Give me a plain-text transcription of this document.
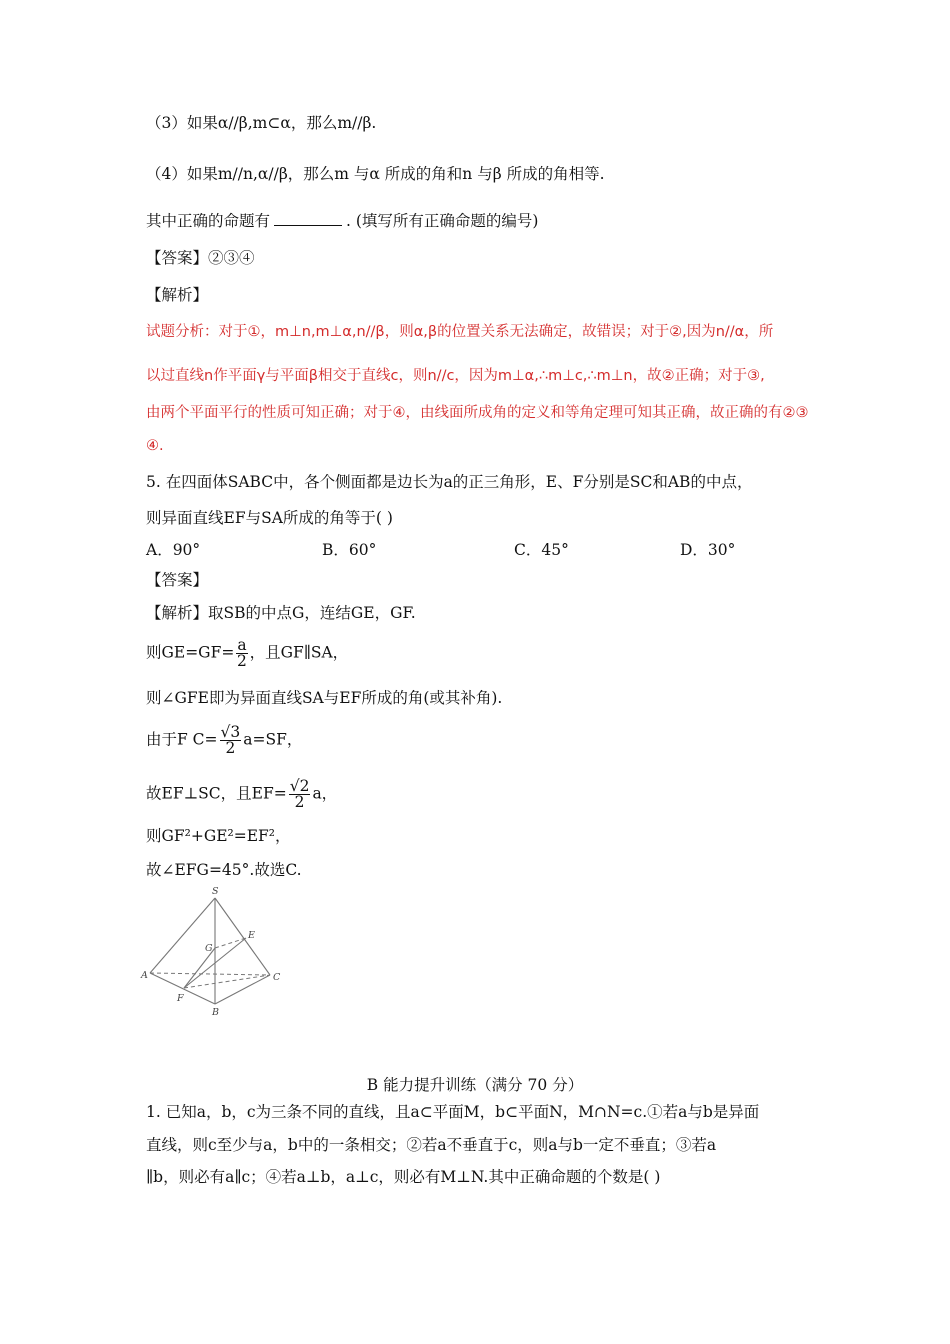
（3）如果α//β,m⊂α，那么m//β.
（4）如果m//n,α//β，那么m 与α 所成的角和n 与β 所成的角相等.
其中正确的命题有	. (填写所有正确命题的编号)
【答案】②③④
【解析】
试题分析：对于①，m⊥n,m⊥α,n//β，则α,β的位置关系无法确定，故错误；对于②,因为n//α，所
以过直线n作平面γ与平面β相交于直线c，则n//c，因为m⊥α,∴m⊥c,∴m⊥n，故②正确；对于③,
由两个平面平行的性质可知正确；对于④，由线面所成角的定义和等角定理可知其正确，故正确的有②③
④.
5. 在四面体SABC中，各个侧面都是边长为a的正三角形，E、F分别是SC和AB的中点，
则异面直线EF与SA所成的角等于( )
A．90°	B．60°	C．45°	D．30°
【答案】
【解析】取SB的中点G，连结GE，GF.
则$GE=GF= \frac{a}{2}$ ，且GF∥SA，
则∠GFE即为异面直线SA与EF所成的角(或其补角).
由于F $C= \frac{√3}{2} a=SF$，
故EF⊥SC，且$EF= \frac{√2}{2}$ a，
则GF²+GE²=EF²，
故∠EFG=45°.故选C.
S
E
G
A	C
F
B
B 能力提升训练（满分 70 分）
1. 已知a，b，c为三条不同的直线，且a⊂平面M，b⊂平面N，M∩N=c.①若a与b是异面
直线，则c至少与a，b中的一条相交；②若a不垂直于c，则a与b一定不垂直；③若a
∥b，则必有a∥c；④若a⊥b，a⊥c，则必有M⊥N.其中正确命题的个数是( )
